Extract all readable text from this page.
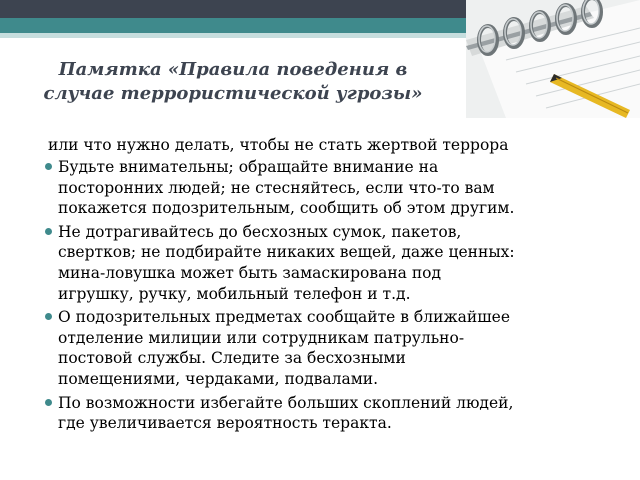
Памятка «Правила поведения в
случае террористической угрозы»
или что нужно делать, чтобы не стать жертвой террора
Будьте внимательны; обращайте внимание на
посторонних людей; не стесняйтесь, если что-то вам
покажется подозрительным, сообщить об этом другим.
Не дотрагивайтесь до бесхозных сумок, пакетов,
свертков; не подбирайте никаких вещей, даже ценных:
мина-ловушка может быть замаскирована под
игрушку, ручку, мобильный телефон и т.д.
О подозрительных предметах сообщайте в ближайшее
отделение милиции или сотрудникам патрульно-
постовой службы. Следите за бесхозными
помещениями, чердаками, подвалами.
По возможности избегайте больших скоплений людей,
где увеличивается вероятность теракта.
